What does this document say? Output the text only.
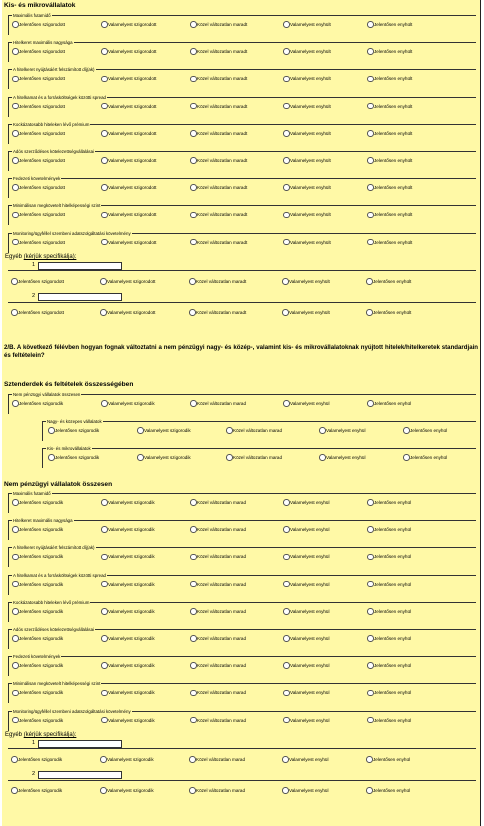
Kis- és mikrovállalatok
2/B. A következő félévben hogyan fognak változtatni a nem pénzügyi nagy- és közép-, valamint kis- és mikrovállalatoknak nyújtott hitelek/hitelkeretek standardjain és feltételein?
Sztenderdek és feltételek összességében
Nem pénzügyi vállalatok összesen
Maximális futamidő
Jelentősen szigorodott	Valamelyest szigorodott	Közel változatlan maradt	Valamelyest enyhült	Jelentősen enyhült
Hitelkeret maximális nagysága
Jelentősen szigorodott	Valamelyest szigorodott	Közel változatlan maradt	Valamelyest enyhült	Jelentősen enyhült
A hitelkeret nyújtásáért felszámított díj(ak)
Jelentősen szigorodott	Valamelyest szigorodott	Közel változatlan maradt	Valamelyest enyhült	Jelentősen enyhült
A hitelkamat és a forrásköltségek közötti spread
Jelentősen szigorodott	Valamelyest szigorodott	Közel változatlan maradt	Valamelyest enyhült	Jelentősen enyhült
Kockázatosabb hiteleken lévő prémium
Jelentősen szigorodott	Valamelyest szigorodott	Közel változatlan maradt	Valamelyest enyhült	Jelentősen enyhült
Adós szerződéses kötelezettségvállalásai
Jelentősen szigorodott	Valamelyest szigorodott	Közel változatlan maradt	Valamelyest enyhült	Jelentősen enyhült
Fedezeti követelmények
Jelentősen szigorodott	Valamelyest szigorodott	Közel változatlan maradt	Valamelyest enyhült	Jelentősen enyhült
Minimálisan megkövetelt hitelképességi szint
Jelentősen szigorodott	Valamelyest szigorodott	Közel változatlan maradt	Valamelyest enyhült	Jelentősen enyhült
Monitoring/ügyféllel szembeni adatszolgáltatási követelmény
Jelentősen szigorodott	Valamelyest szigorodott	Közel változatlan maradt	Valamelyest enyhült	Jelentősen enyhült
Egyéb (kérjük specifikálja):
1
Jelentősen szigorodott	Valamelyest szigorodott	Közel változatlan maradt	Valamelyest enyhült	Jelentősen enyhült
2
Jelentősen szigorodott	Valamelyest szigorodott	Közel változatlan maradt	Valamelyest enyhült	Jelentősen enyhült
Nem pénzügyi vállalatok összesen
Jelentősen szigorodik	Valamelyest szigorodik	Közel változatlan marad	Valamelyest enyhül	Jelentősen enyhül
Nagy- és közepes vállalatok
Jelentősen szigorodik	Valamelyest szigorodik	Közel változatlan marad	Valamelyest enyhül	Jelentősen enyhül
Kis- és mikrovállalatok
Jelentősen szigorodik	Valamelyest szigorodik	Közel változatlan marad	Valamelyest enyhül	Jelentősen enyhül
Maximális futamidő
Jelentősen szigorodik	Valamelyest szigorodik	Közel változatlan marad	Valamelyest enyhül	Jelentősen enyhül
Hitelkeret maximális nagysága
Jelentősen szigorodik	Valamelyest szigorodik	Közel változatlan marad	Valamelyest enyhül	Jelentősen enyhül
A hitelkeret nyújtásáért felszámított díj(ak)
Jelentősen szigorodik	Valamelyest szigorodik	Közel változatlan marad	Valamelyest enyhül	Jelentősen enyhül
A hitelkamat és a forrásköltségek közötti spread
Jelentősen szigorodik	Valamelyest szigorodik	Közel változatlan marad	Valamelyest enyhül	Jelentősen enyhül
Kockázatosabb hiteleken lévő prémium
Jelentősen szigorodik	Valamelyest szigorodik	Közel változatlan marad	Valamelyest enyhül	Jelentősen enyhül
Adós szerződéses kötelezettségvállalásai
Jelentősen szigorodik	Valamelyest szigorodik	Közel változatlan marad	Valamelyest enyhül	Jelentősen enyhül
Fedezeti követelmények
Jelentősen szigorodik	Valamelyest szigorodik	Közel változatlan marad	Valamelyest enyhül	Jelentősen enyhül
Minimálisan megkövetelt hitelképességi szint
Jelentősen szigorodik	Valamelyest szigorodik	Közel változatlan marad	Valamelyest enyhül	Jelentősen enyhül
Monitoring/ügyféllel szembeni adatszolgáltatási követelmény
Jelentősen szigorodik	Valamelyest szigorodik	Közel változatlan marad	Valamelyest enyhül	Jelentősen enyhül
Egyéb (kérjük specifikálja):
1
Jelentősen szigorodik	Valamelyest szigorodik	Közel változatlan marad	Valamelyest enyhül	Jelentősen enyhül
2
Jelentősen szigorodik	Valamelyest szigorodik	Közel változatlan marad	Valamelyest enyhül	Jelentősen enyhül
